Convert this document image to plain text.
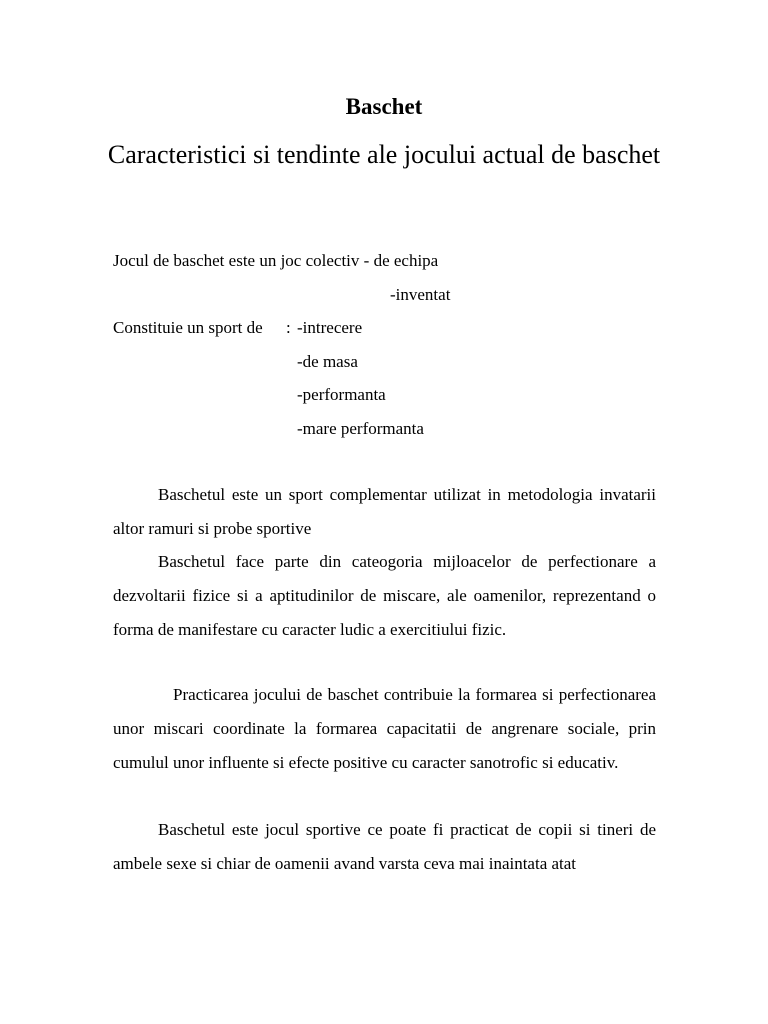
Baschet
Caracteristici si tendinte ale jocului actual de baschet
Jocul de baschet este un joc colectiv - de echipa
-inventat
Constituie un sport de : -intrecere
-de masa
-performanta
-mare performanta
Baschetul este un sport complementar utilizat in metodologia invatarii altor ramuri si probe sportive
Baschetul face parte din cateogoria mijloacelor de perfectionare a dezvoltarii fizice si a aptitudinilor de miscare, ale oamenilor, reprezentand o forma de manifestare cu caracter ludic a exercitiului fizic.
Practicarea jocului de baschet contribuie la formarea si perfectionarea unor miscari coordinate la formarea capacitatii de angrenare sociale, prin cumulul unor influente si efecte positive cu caracter sanotrofic si educativ.
Baschetul este jocul sportive ce poate fi practicat de copii si tineri de ambele sexe si chiar de oamenii avand varsta ceva mai inaintata atat
